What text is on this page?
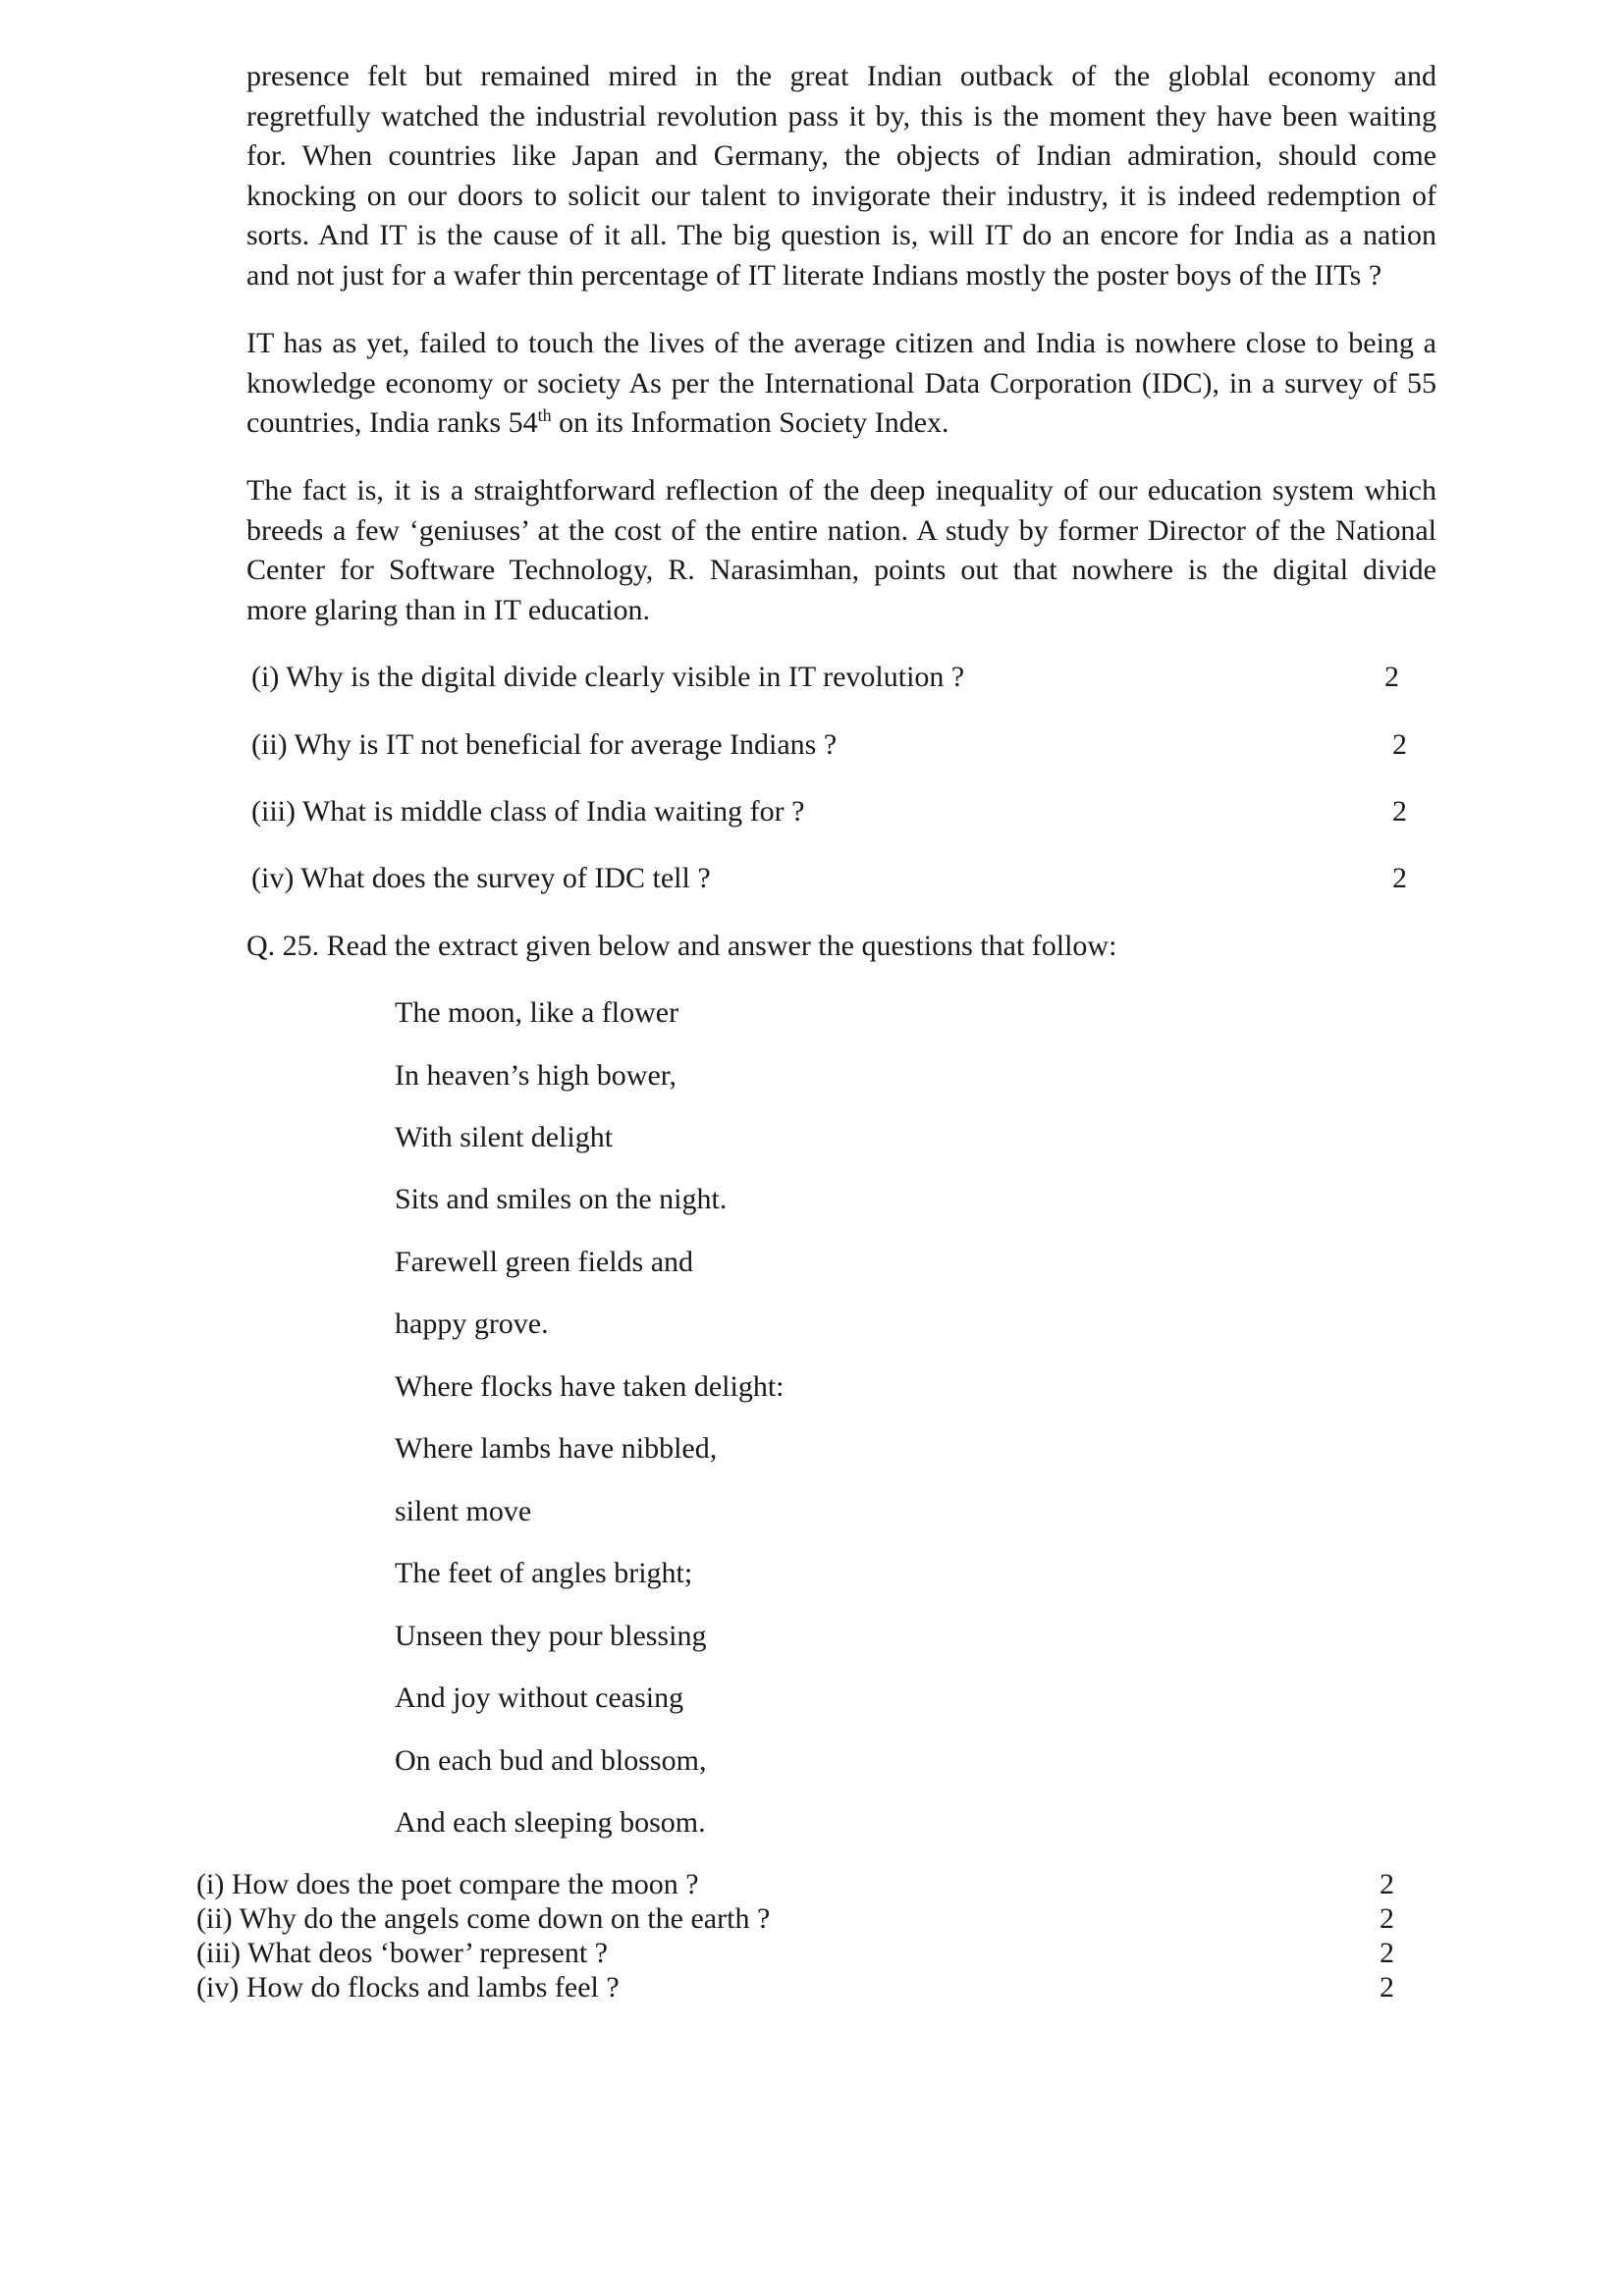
presence felt but remained mired in the great Indian outback of the globlal economy and
regretfully watched the industrial revolution pass it by, this is the moment they have been waiting
for. When countries like Japan and Germany, the objects of Indian admiration, should come
knocking on our doors to solicit our talent to invigorate their industry, it is indeed redemption of
sorts. And IT is the cause of it all. The big question is, will IT do an encore for India as a nation
and not just for a wafer thin percentage of IT literate Indians mostly the poster boys of the IITs ?
IT has as yet, failed to touch the lives of the average citizen and India is nowhere close to being a
knowledge economy or society As per the International Data Corporation (IDC), in a survey of 55
countries, India ranks 54th on its Information Society Index.
The fact is, it is a straightforward reflection of the deep inequality of our education system which
breeds a few ‘geniuses’ at the cost of the entire nation. A study by former Director of the National
Center for Software Technology, R. Narasimhan, points out that nowhere is the digital divide
more glaring than in IT education.
(i) Why is the digital divide clearly visible in IT revolution ?	2
(ii) Why is IT not beneficial for average Indians ?	2
(iii) What is middle class of India waiting for ?	2
(iv) What does the survey of IDC tell ?	2
Q. 25. Read the extract given below and answer the questions that follow:
The moon, like a flower
In heaven’s high bower,
With silent delight
Sits and smiles on the night.
Farewell green fields and
happy grove.
Where flocks have taken delight:
Where lambs have nibbled,
silent move
The feet of angles bright;
Unseen they pour blessing
And joy without ceasing
On each bud and blossom,
And each sleeping bosom.
(i) How does the poet compare the moon ?	2
(ii) Why do the angels come down on the earth ?	2
(iii) What deos ‘bower’ represent ?	2
(iv) How do flocks and lambs feel ?	2
